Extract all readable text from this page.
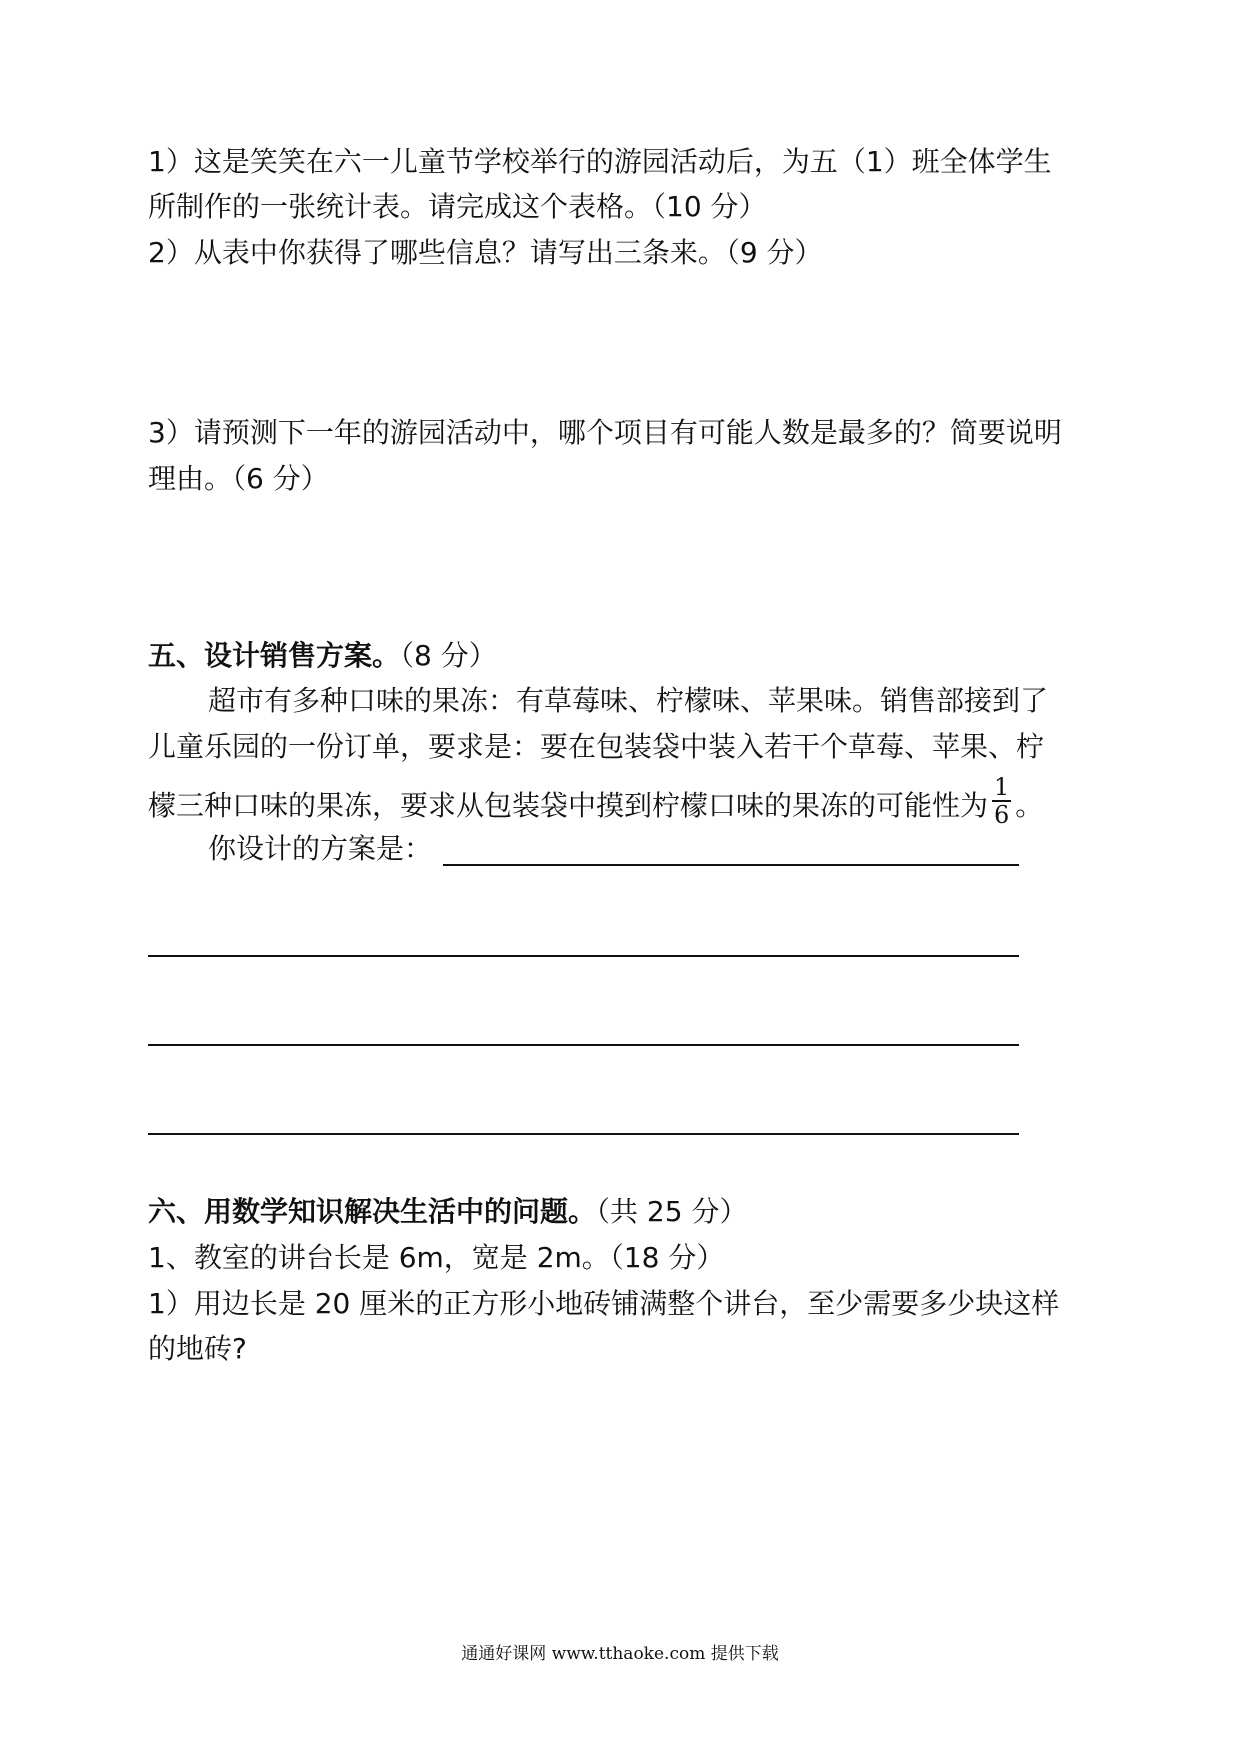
1）这是笑笑在六一儿童节学校举行的游园活动后，为五（1）班全体学生
所制作的一张统计表。请完成这个表格。（10 分）
2）从表中你获得了哪些信息？请写出三条来。（9 分）
3）请预测下一年的游园活动中，哪个项目有可能人数是最多的？简要说明
理由。（6 分）
五、设计销售方案。（8 分）
超市有多种口味的果冻：有草莓味、柠檬味、苹果味。销售部接到了
儿童乐园的一份订单，要求是：要在包装袋中装入若干个草莓、苹果、柠
檬三种口味的果冻，要求从包装袋中摸到柠檬口味的果冻的可能性为 $\frac{1}{6}$ 。
你设计的方案是：
六、用数学知识解决生活中的问题。（共 25 分）
1、教室的讲台长是 6m，宽是 2m。（18 分）
1）用边长是 20 厘米的正方形小地砖铺满整个讲台，至少需要多少块这样
的地砖?
通通好课网 www.tthaoke.com 提供下载
